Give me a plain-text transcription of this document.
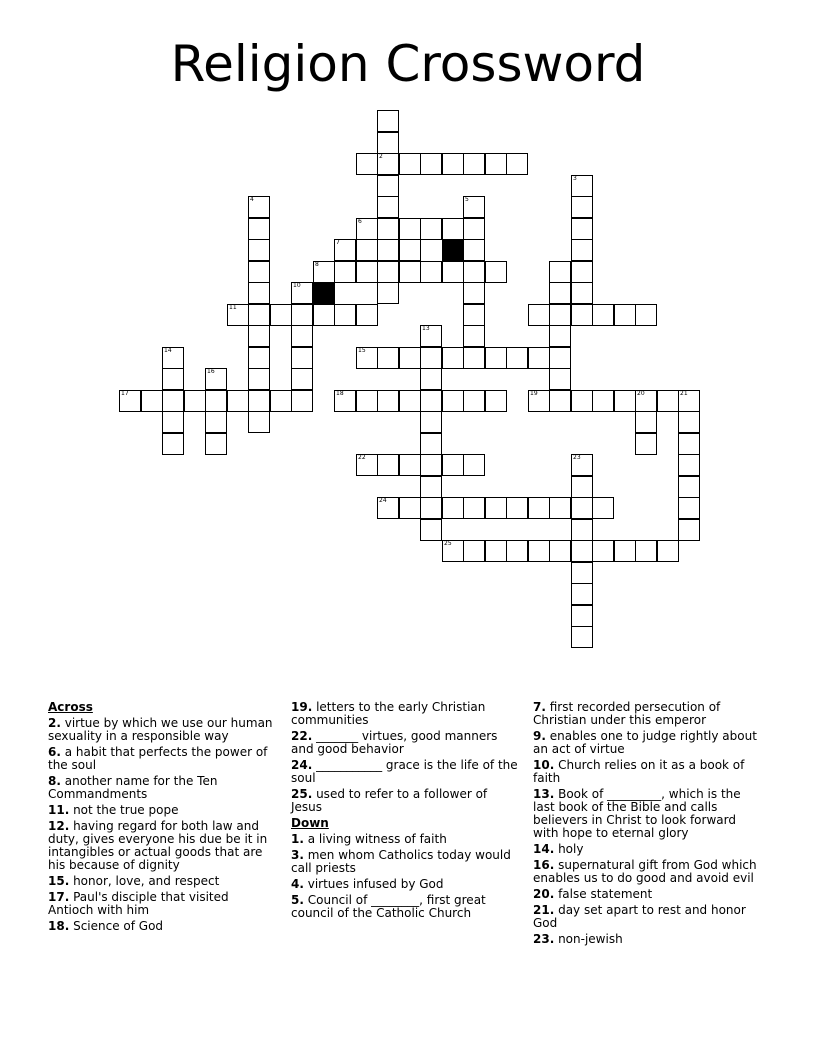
Religion Crossword
2
3
4	5
6
7
8
10
11
13
15
14
16
17	18	19	20	21
22	23
24
25
Across
2. virtue by which we use our human sexuality in a responsible way
6. a habit that perfects the power of the soul
8. another name for the Ten Commandments
11. not the true pope
12. having regard for both law and duty, gives everyone his due be it in intangibles or actual goods that are his because of dignity
15. honor, love, and respect
17. Paul's disciple that visited Antioch with him
18. Science of God
19. letters to the early Christian communities
22. _______ virtues, good manners and good behavior
24. ___________ grace is the life of the soul
25. used to refer to a follower of Jesus
Down
1. a living witness of faith
3. men whom Catholics today would call priests
4. virtues infused by God
5. Council of ________, first great council of the Catholic Church
7. first recorded persecution of Christian under this emperor
9. enables one to judge rightly about an act of virtue
10. Church relies on it as a book of faith
13. Book of _________, which is the last book of the Bible and calls believers in Christ to look forward with hope to eternal glory
14. holy
16. supernatural gift from God which enables us to do good and avoid evil
20. false statement
21. day set apart to rest and honor God
23. non-jewish
